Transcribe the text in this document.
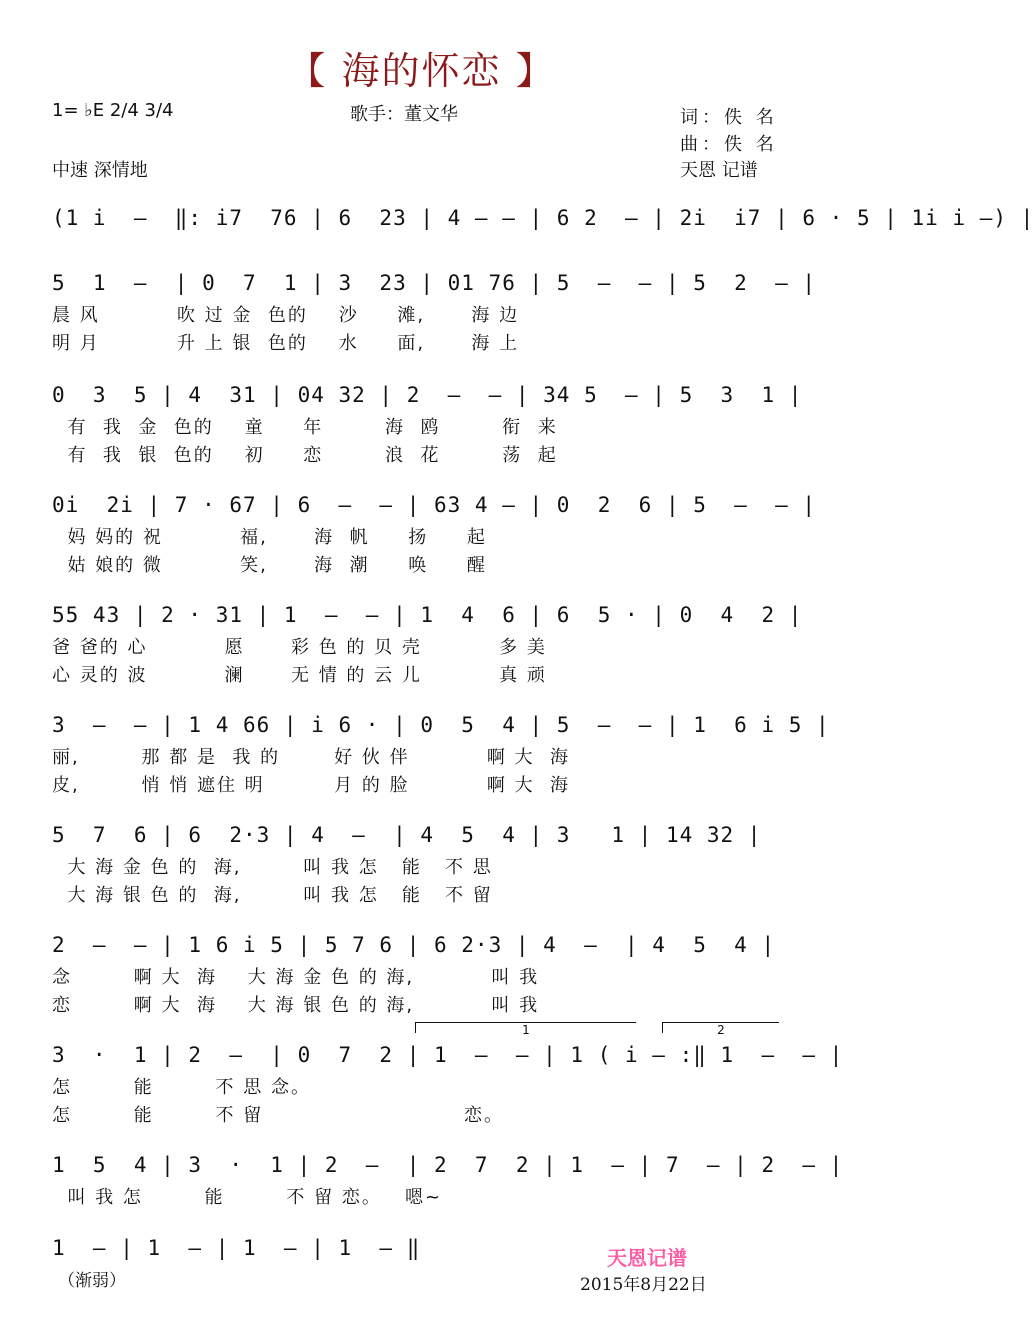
【 海的怀恋 】
1= ♭E 2/4 3/4	歌手：董文华	词：佚 名
曲：佚 名
中速 深情地	天恩 记谱
(1 i  –  ‖: i7  76 | 6  23 | 4 – – | 6 2  – | 2i  i7 | 6 · 5 | 1i i –) |
5  1  –  | 0  7  1 | 3  23 | 01 76 | 5  –  – | 5  2  – |
晨 风          吹 过 金  色的    沙     滩,      海 边
明 月          升 上 银  色的    水     面,      海 上
0  3  5 | 4  31 | 04 32 | 2  –  – | 34 5  – | 5  3  1 |
有  我  金  色的    童     年        海  鸥        衔  来
有  我  银  色的    初     恋        浪  花        荡  起
0i  2i | 7 · 67 | 6  –  – | 63 4 – | 0  2  6 | 5  –  – |
妈 妈的 祝          福,      海  帆     扬     起
姑 娘的 微          笑,      海  潮     唤     醒
55 43 | 2 · 31 | 1  –  – | 1  4  6 | 6  5 · | 0  4  2 |
爸 爸的 心          愿      彩 色 的 贝 壳          多 美
心 灵的 波          澜      无 情 的 云 儿          真 顽
3  –  – | 1 4 66 | i 6 · | 0  5  4 | 5  –  – | 1  6 i 5 |
丽,        那 都 是  我 的       好 伙 伴          啊 大  海
皮,        悄 悄 遮住 明         月 的 脸          啊 大  海
5  7  6 | 6  2·3 | 4  –  | 4  5  4 | 3   1 | 14 32 |
大 海 金 色 的  海,        叫 我 怎   能   不 思
大 海 银 色 的  海,        叫 我 怎   能   不 留
2  –  – | 1 6 i 5 | 5 7 6 | 6 2·3 | 4  –  | 4  5  4 |
念        啊 大  海    大 海 金 色 的 海,          叫 我
恋        啊 大  海    大 海 银 色 的 海,          叫 我
1	2
3  ·  1 | 2  –  | 0  7  2 | 1  –  – | 1 ( i – :‖ 1  –  – |
怎        能        不 思 念。
怎        能        不 留                          恋。
1  5  4 | 3  ·  1 | 2  –  | 2  7  2 | 1  – | 7  – | 2  – |
叫 我 怎        能        不 留 恋。   嗯~
1  – | 1  – | 1  – | 1  – ‖
（渐弱）
天恩记谱
2015年8月22日
